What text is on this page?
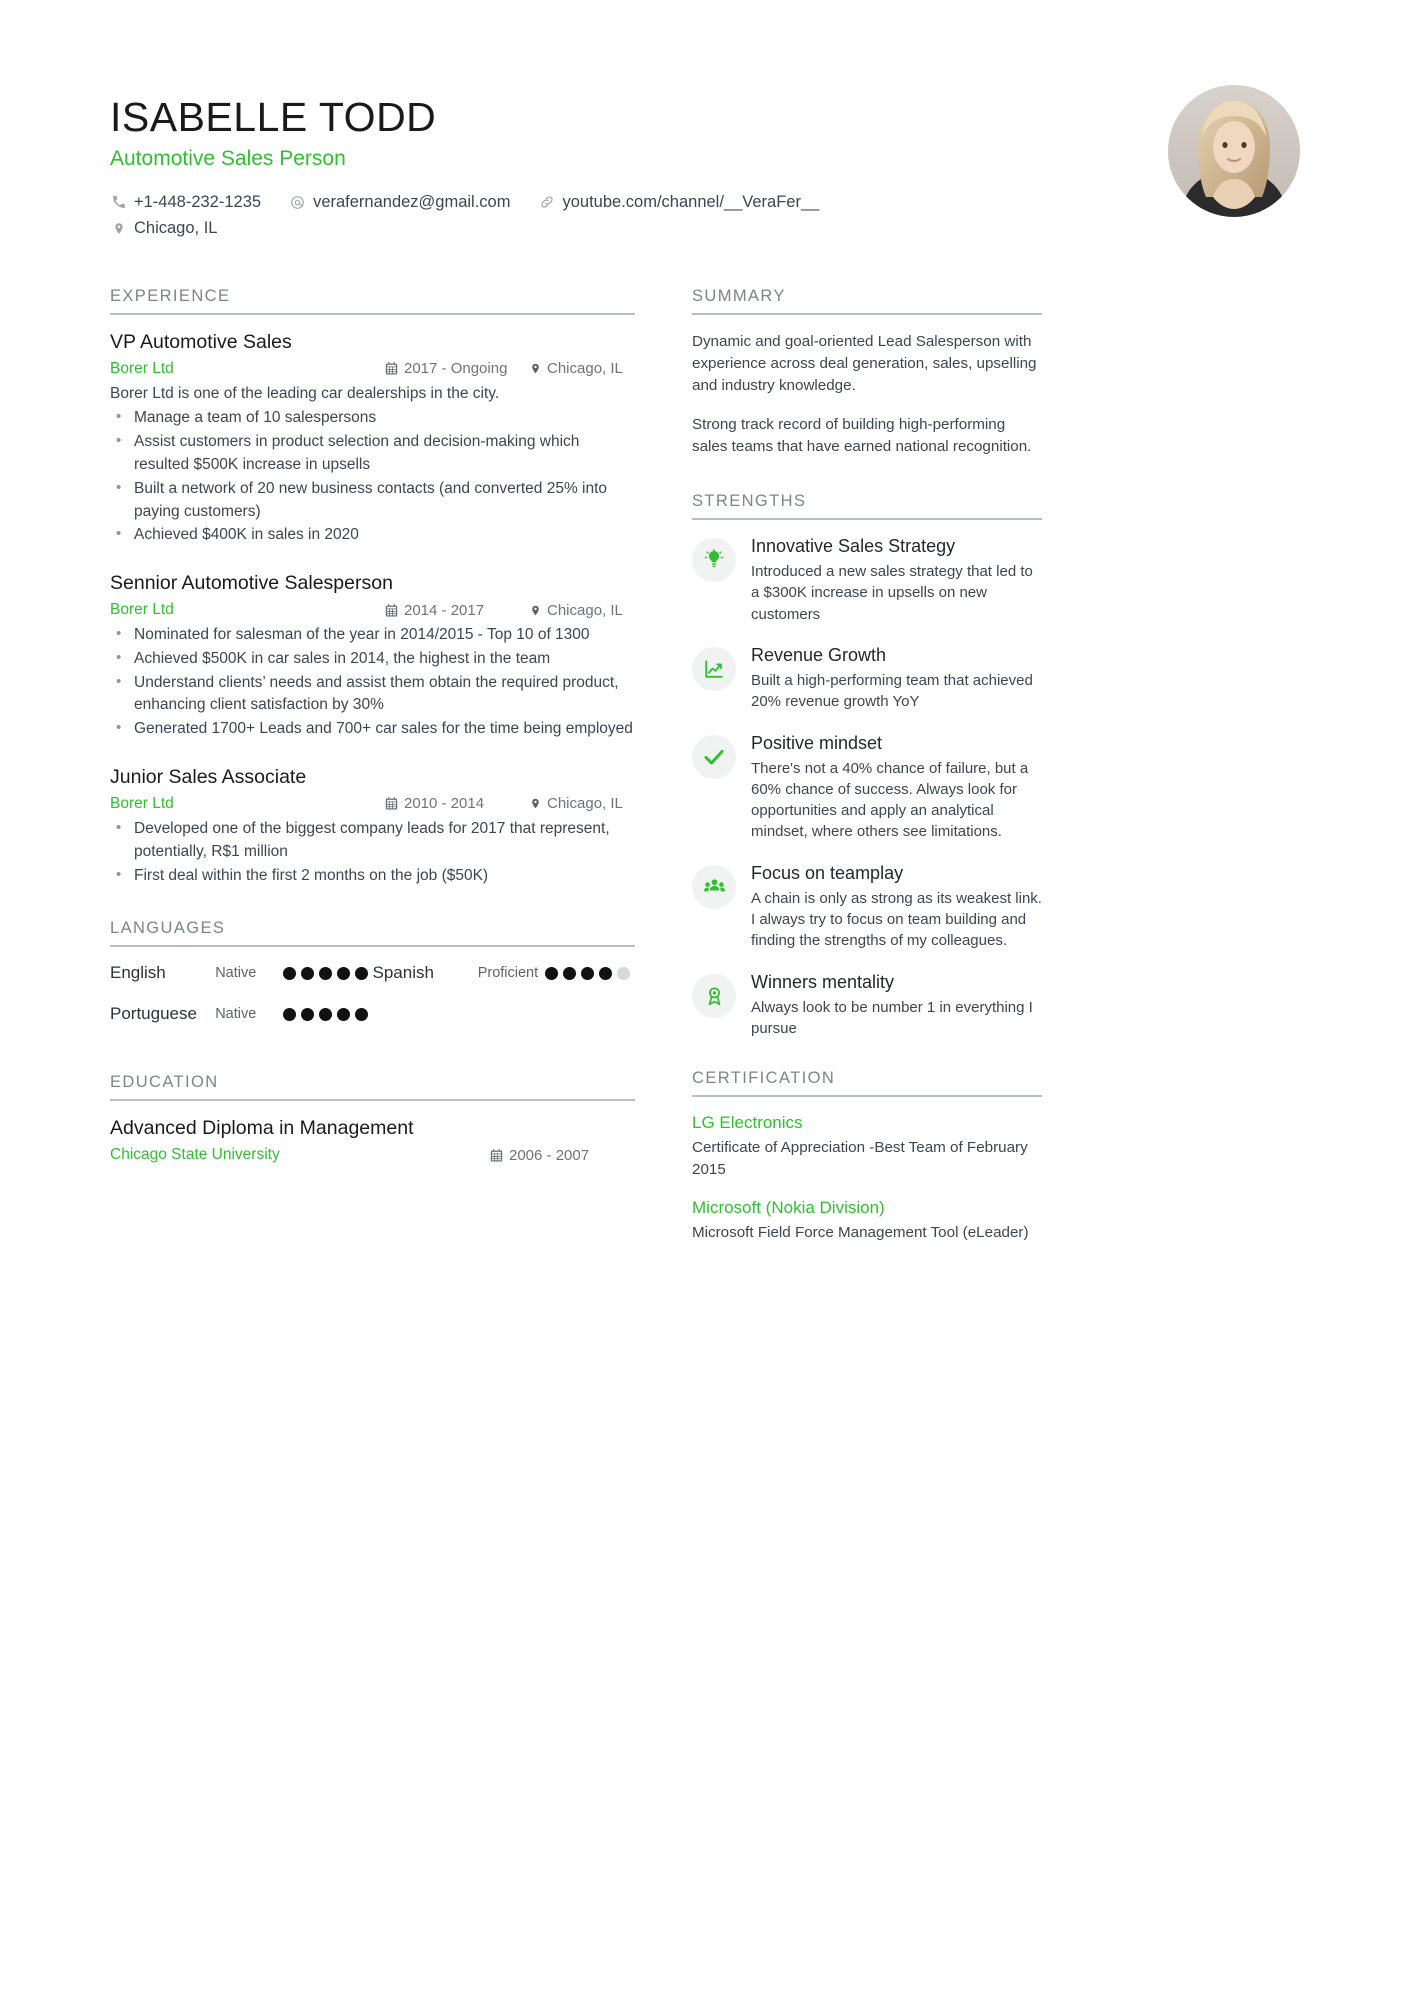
ISABELLE TODD
Automotive Sales Person
+1-448-232-1235	verafernandez@gmail.com	youtube.com/channel/__VeraFer__
Chicago, IL
EXPERIENCE
VP Automotive Sales
Borer Ltd	2017 - Ongoing	Chicago, IL
Borer Ltd is one of the leading car dealerships in the city.
• Manage a team of 10 salespersons
• Assist customers in product selection and decision-making which resulted $500K increase in upsells
• Built a network of 20 new business contacts (and converted 25% into paying customers)
• Achieved $400K in sales in 2020
Sennior Automotive Salesperson
Borer Ltd	2014 - 2017	Chicago, IL
• Nominated for salesman of the year in 2014/2015 - Top 10 of 1300
• Achieved $500K in car sales in 2014, the highest in the team
• Understand clients’ needs and assist them obtain the required product, enhancing client satisfaction by 30%
• Generated 1700+ Leads and 700+ car sales for the time being employed
Junior Sales Associate
Borer Ltd	2010 - 2014	Chicago, IL
• Developed one of the biggest company leads for 2017 that represent, potentially, R$1 million
• First deal within the first 2 months on the job ($50K)
LANGUAGES
English	Native	Spanish	Proficient
Portuguese	Native
EDUCATION
Advanced Diploma in Management
Chicago State University	2006 - 2007
SUMMARY
Dynamic and goal-oriented Lead Salesperson with experience across deal generation, sales, upselling and industry knowledge.
Strong track record of building high-performing sales teams that have earned national recognition.
STRENGTHS
Innovative Sales Strategy
Introduced a new sales strategy that led to a $300K increase in upsells on new customers
Revenue Growth
Built a high-performing team that achieved 20% revenue growth YoY
Positive mindset
There's not a 40% chance of failure, but a 60% chance of success. Always look for opportunities and apply an analytical mindset, where others see limitations.
Focus on teamplay
A chain is only as strong as its weakest link. I always try to focus on team building and finding the strengths of my colleagues.
Winners mentality
Always look to be number 1 in everything I pursue
CERTIFICATION
LG Electronics
Certificate of Appreciation -Best Team of February 2015
Microsoft (Nokia Division)
Microsoft Field Force Management Tool (eLeader)
